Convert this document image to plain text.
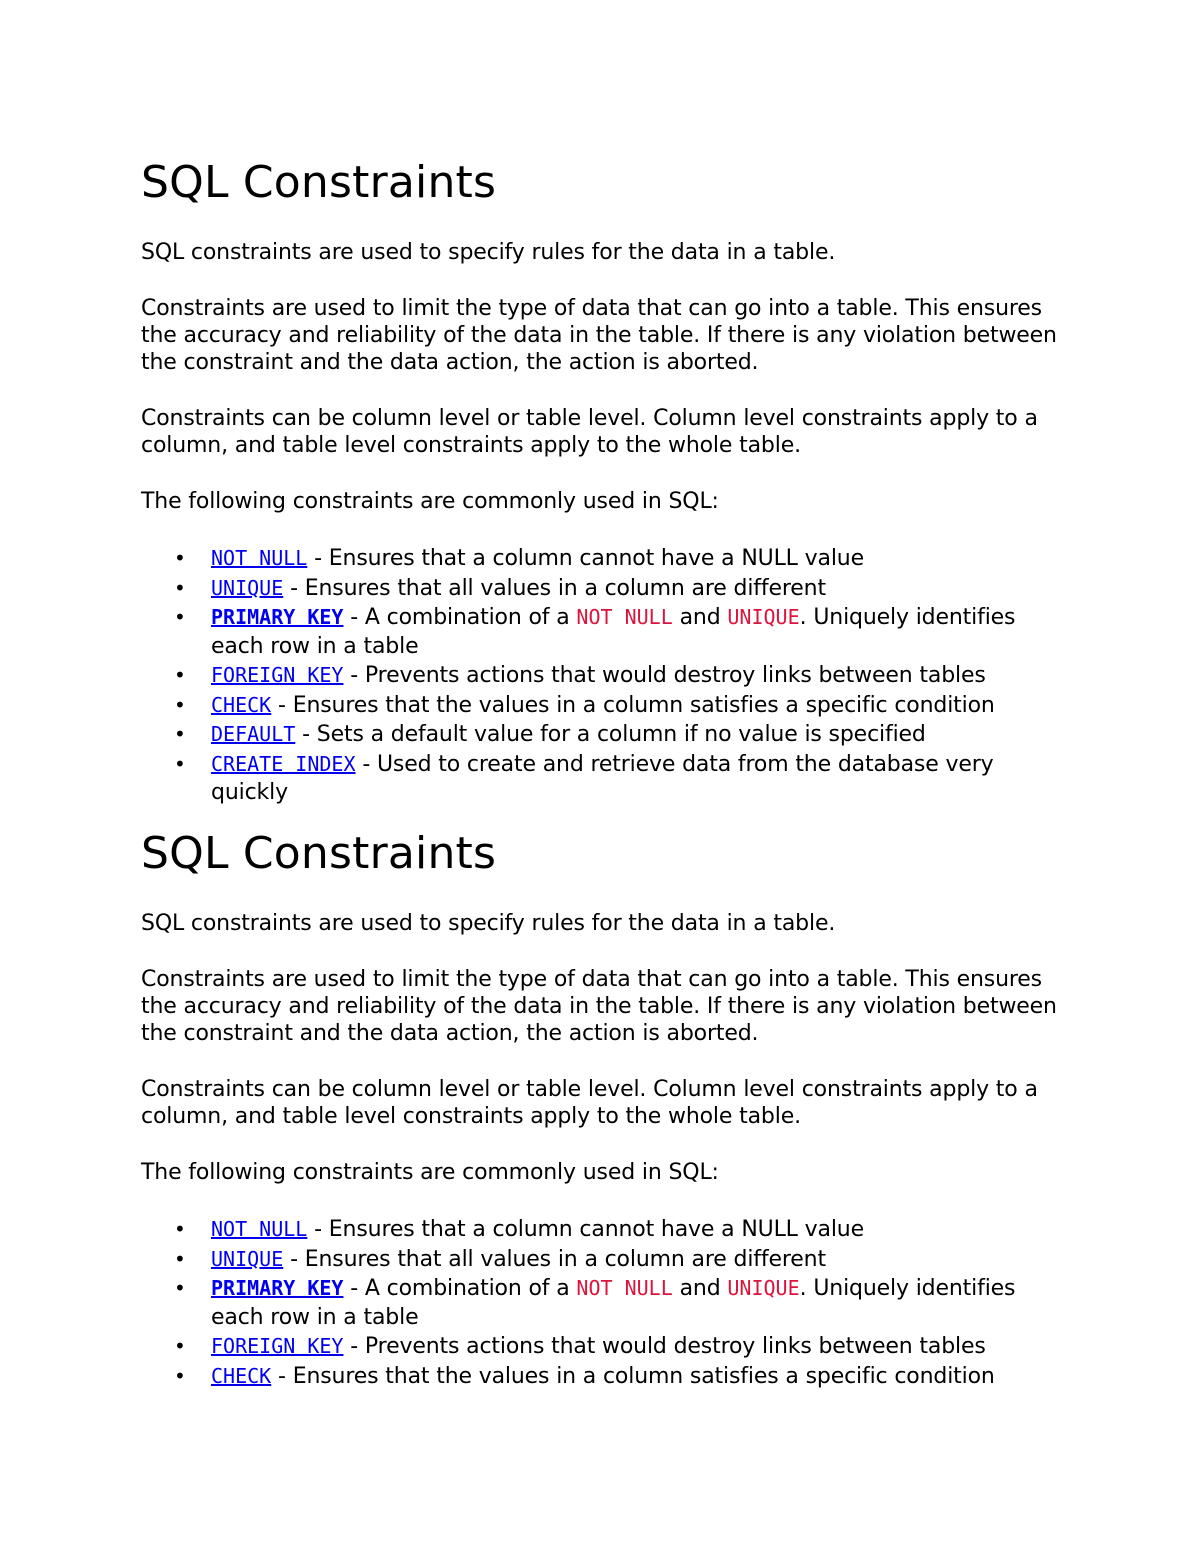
SQL Constraints

SQL constraints are used to specify rules for the data in a table.

Constraints are used to limit the type of data that can go into a table. This ensures the accuracy and reliability of the data in the table. If there is any violation between the constraint and the data action, the action is aborted.

Constraints can be column level or table level. Column level constraints apply to a column, and table level constraints apply to the whole table.

The following constraints are commonly used in SQL:

• NOT NULL - Ensures that a column cannot have a NULL value
• UNIQUE - Ensures that all values in a column are different
• PRIMARY KEY - A combination of a NOT NULL and UNIQUE. Uniquely identifies each row in a table
• FOREIGN KEY - Prevents actions that would destroy links between tables
• CHECK - Ensures that the values in a column satisfies a specific condition
• DEFAULT - Sets a default value for a column if no value is specified
• CREATE INDEX - Used to create and retrieve data from the database very quickly
SQL Constraints

SQL constraints are used to specify rules for the data in a table.

Constraints are used to limit the type of data that can go into a table. This ensures the accuracy and reliability of the data in the table. If there is any violation between the constraint and the data action, the action is aborted.

Constraints can be column level or table level. Column level constraints apply to a column, and table level constraints apply to the whole table.

The following constraints are commonly used in SQL:

• NOT NULL - Ensures that a column cannot have a NULL value
• UNIQUE - Ensures that all values in a column are different
• PRIMARY KEY - A combination of a NOT NULL and UNIQUE. Uniquely identifies each row in a table
• FOREIGN KEY - Prevents actions that would destroy links between tables
• CHECK - Ensures that the values in a column satisfies a specific condition
